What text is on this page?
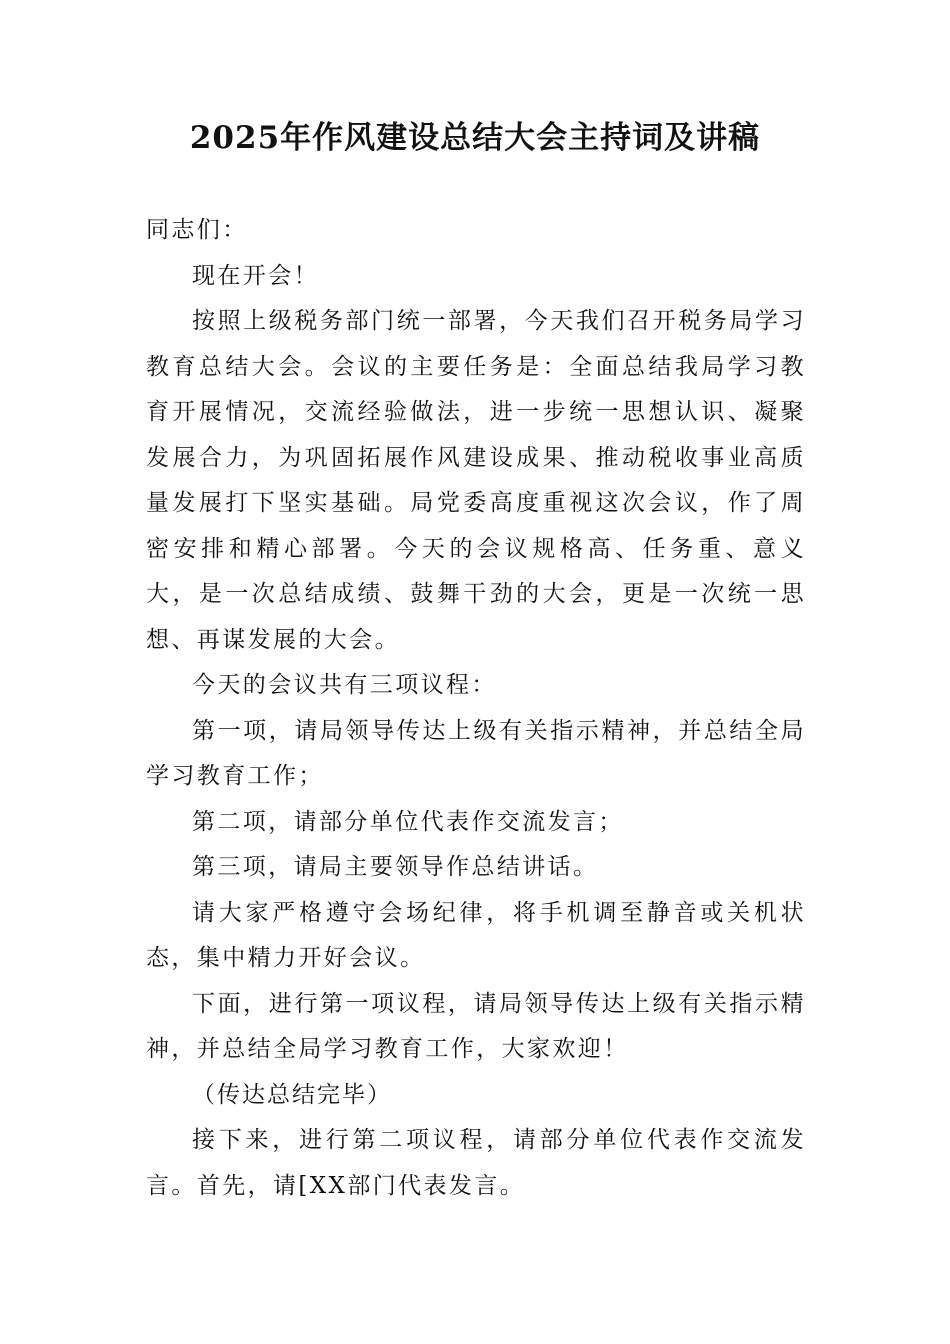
2025年作风建设总结大会主持词及讲稿

同志们：

现在开会！

按照上级税务部门统一部署，今天我们召开税务局学习教育总结大会。会议的主要任务是：全面总结我局学习教育开展情况，交流经验做法，进一步统一思想认识、凝聚发展合力，为巩固拓展作风建设成果、推动税收事业高质量发展打下坚实基础。局党委高度重视这次会议，作了周密安排和精心部署。今天的会议规格高、任务重、意义大，是一次总结成绩、鼓舞干劲的大会，更是一次统一思想、再谋发展的大会。

今天的会议共有三项议程：

第一项，请局领导传达上级有关指示精神，并总结全局学习教育工作；

第二项，请部分单位代表作交流发言；

第三项，请局主要领导作总结讲话。

请大家严格遵守会场纪律，将手机调至静音或关机状态，集中精力开好会议。

下面，进行第一项议程，请局领导传达上级有关指示精神，并总结全局学习教育工作，大家欢迎！

（传达总结完毕）

接下来，进行第二项议程，请部分单位代表作交流发言。首先，请[XX部门代表发言。
